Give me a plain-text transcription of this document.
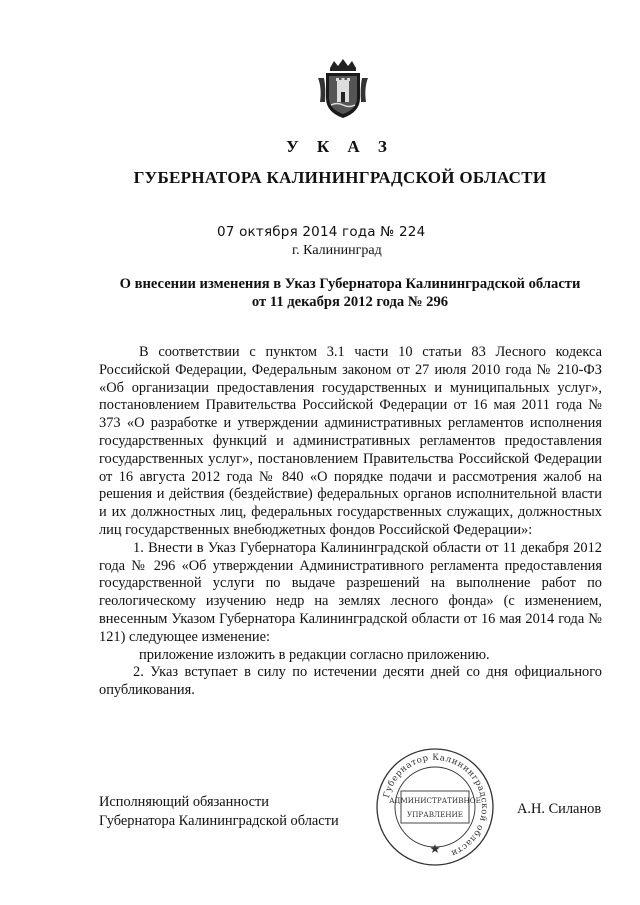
У К А З
ГУБЕРНАТОРА КАЛИНИНГРАДСКОЙ ОБЛАСТИ
07 октября 2014 года № 224
г. Калининград
О внесении изменения в Указ Губернатора Калининградской области
от 11 декабря 2012 года № 296

В соответствии с пунктом 3.1 части 10 статьи 83 Лесного кодекса Российской Федерации, Федеральным законом от 27 июля 2010 года № 210-ФЗ «Об организации предоставления государственных и муниципальных услуг», постановлением Правительства Российской Федерации от 16 мая 2011 года № 373 «О разработке и утверждении административных регламентов исполнения государственных функций и административных регламентов предоставления государственных услуг», постановлением Правительства Российской Федерации от 16 августа 2012 года № 840 «О порядке подачи и рассмотрения жалоб на решения и действия (бездействие) федеральных органов исполнительной власти и их должностных лиц, федеральных государственных служащих, должностных лиц государственных внебюджетных фондов Российской Федерации»:

1. Внести в Указ Губернатора Калининградской области от 11 декабря 2012 года № 296 «Об утверждении Административного регламента предоставления государственной услуги по выдаче разрешений на выполнение работ по геологическому изучению недр на землях лесного фонда» (с изменением, внесенным Указом Губернатора Калининградской области от 16 мая 2014 года № 121) следующее изменение:

приложение изложить в редакции согласно приложению.

2. Указ вступает в силу по истечении десяти дней со дня официального опубликования.

Исполняющий обязанности
Губернатора Калининградской области
Губернатор Калининградской области
АДМИНИСТРАТИВНОЕ
УПРАВЛЕНИЕ	А.Н. Силанов
